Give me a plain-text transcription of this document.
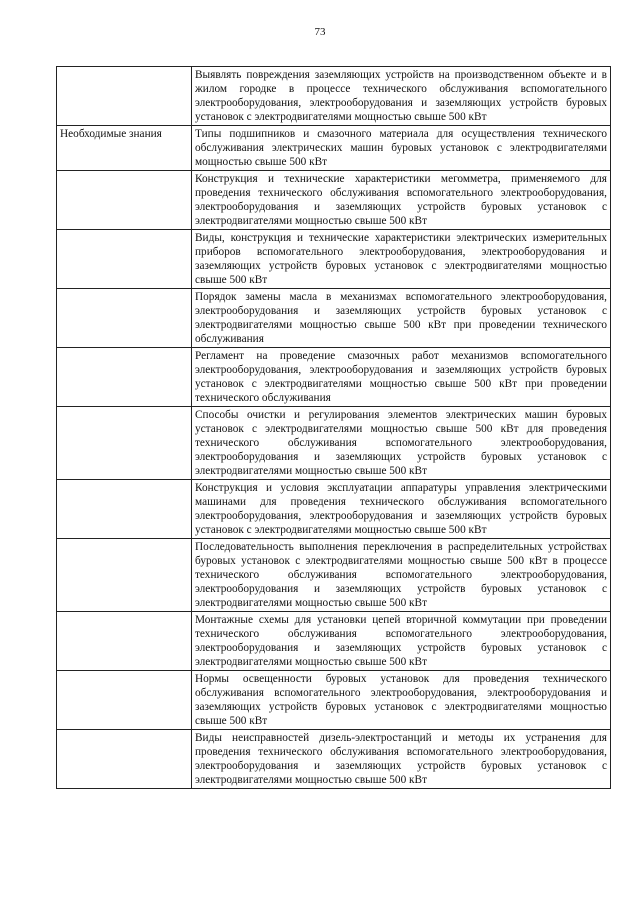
73
	Выявлять повреждения заземляющих устройств на производственном объекте и в жилом городке в процессе технического обслуживания вспомогательного электрооборудования, электрооборудования и заземляющих устройств буровых установок с электродвигателями мощностью свыше 500 кВт
Необходимые знания	Типы подшипников и смазочного материала для осуществления технического обслуживания электрических машин буровых установок с электродвигателями мощностью свыше 500 кВт
	Конструкция и технические характеристики мегомметра, применяемого для проведения технического обслуживания вспомогательного электрооборудования, электрооборудования и заземляющих устройств буровых установок с электродвигателями мощностью свыше 500 кВт
	Виды, конструкция и технические характеристики электрических измерительных приборов вспомогательного электрооборудования, электрооборудования и заземляющих устройств буровых установок с электродвигателями мощностью свыше 500 кВт
	Порядок замены масла в механизмах вспомогательного электрооборудования, электрооборудования и заземляющих устройств буровых установок с электродвигателями мощностью свыше 500 кВт при проведении технического обслуживания
	Регламент на проведение смазочных работ механизмов вспомогательного электрооборудования, электрооборудования и заземляющих устройств буровых установок с электродвигателями мощностью свыше 500 кВт при проведении технического обслуживания
	Способы очистки и регулирования элементов электрических машин буровых установок с электродвигателями мощностью свыше 500 кВт для проведения технического обслуживания вспомогательного электрооборудования, электрооборудования и заземляющих устройств буровых установок с электродвигателями мощностью свыше 500 кВт
	Конструкция и условия эксплуатации аппаратуры управления электрическими машинами для проведения технического обслуживания вспомогательного электрооборудования, электрооборудования и заземляющих устройств буровых установок с электродвигателями мощностью свыше 500 кВт
	Последовательность выполнения переключения в распределительных устройствах буровых установок с электродвигателями мощностью свыше 500 кВт в процессе технического обслуживания вспомогательного электрооборудования, электрооборудования и заземляющих устройств буровых установок с электродвигателями мощностью свыше 500 кВт
	Монтажные схемы для установки цепей вторичной коммутации при проведении технического обслуживания вспомогательного электрооборудования, электрооборудования и заземляющих устройств буровых установок с электродвигателями мощностью свыше 500 кВт
	Нормы освещенности буровых установок для проведения технического обслуживания вспомогательного электрооборудования, электрооборудования и заземляющих устройств буровых установок с электродвигателями мощностью свыше 500 кВт
	Виды неисправностей дизель-электростанций и методы их устранения для проведения технического обслуживания вспомогательного электрооборудования, электрооборудования и заземляющих устройств буровых установок с электродвигателями мощностью свыше 500 кВт
